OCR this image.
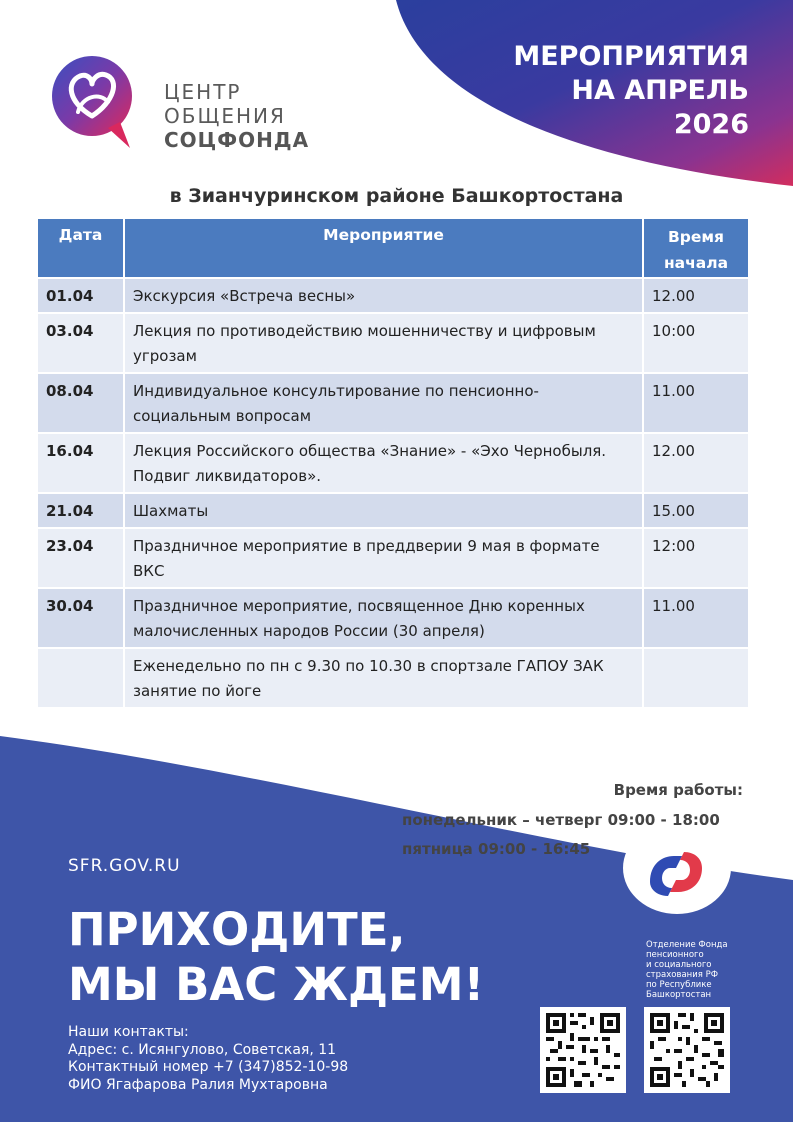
МЕРОПРИЯТИЯ
НА АПРЕЛЬ
2026
ЦЕНТР
ОБЩЕНИЯ
СОЦФОНДА
в Зианчуринском районе Башкортостана
Дата	Мероприятие	Время начала
01.04	Экскурсия «Встреча весны»	12.00
03.04	Лекция по противодействию мошенничеству и цифровым угрозам	10:00
08.04	Индивидуальное консультирование по пенсионно-социальным вопросам	11.00
16.04	Лекция Российского общества «Знание» - «Эхо Чернобыля. Подвиг ликвидаторов».	12.00
21.04	Шахматы	15.00
23.04	Праздничное мероприятие в преддверии 9 мая в формате ВКС	12:00
30.04	Праздничное мероприятие, посвященное Дню коренных малочисленных народов России (30 апреля)	11.00
	Еженедельно по пн с 9.30 по 10.30 в спортзале ГАПОУ ЗАК занятие по йоге	
Время работы:
понедельник – четверг 09:00 - 18:00
пятница 09:00 - 16:45
SFR.GOV.RU
ПРИХОДИТЕ,
МЫ ВАС ЖДЕМ!
Наши контакты:
Адрес: с. Исянгулово, Советская, 11
Контактный номер +7 (347)852-10-98
ФИО Ягафарова Ралия Мухтаровна
Отделение Фонда
пенсионного
и социального
страхования РФ
по Республике
Башкортостан
